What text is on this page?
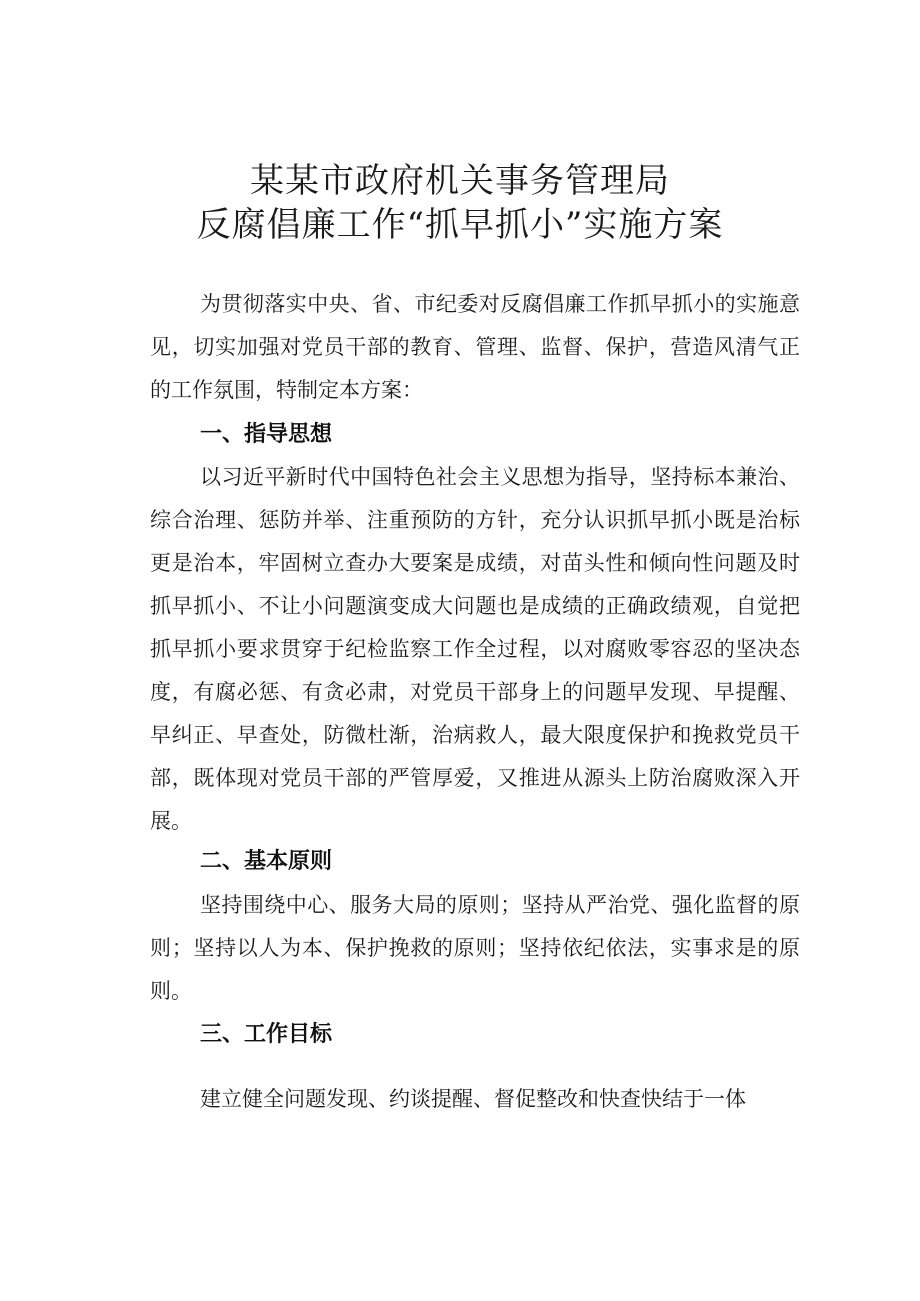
某某市政府机关事务管理局
反腐倡廉工作“抓早抓小”实施方案
为贯彻落实中央、省、市纪委对反腐倡廉工作抓早抓小的实施意见，切实加强对党员干部的教育、管理、监督、保护，营造风清气正的工作氛围，特制定本方案：
一、指导思想
以习近平新时代中国特色社会主义思想为指导，坚持标本兼治、综合治理、惩防并举、注重预防的方针，充分认识抓早抓小既是治标更是治本，牢固树立查办大要案是成绩，对苗头性和倾向性问题及时抓早抓小、不让小问题演变成大问题也是成绩的正确政绩观，自觉把抓早抓小要求贯穿于纪检监察工作全过程，以对腐败零容忍的坚决态度，有腐必惩、有贪必肃，对党员干部身上的问题早发现、早提醒、早纠正、早查处，防微杜渐，治病救人，最大限度保护和挽救党员干部，既体现对党员干部的严管厚爱，又推进从源头上防治腐败深入开展。
二、基本原则
坚持围绕中心、服务大局的原则；坚持从严治党、强化监督的原则；坚持以人为本、保护挽救的原则；坚持依纪依法，实事求是的原则。
三、工作目标
建立健全问题发现、约谈提醒、督促整改和快查快结于一体
